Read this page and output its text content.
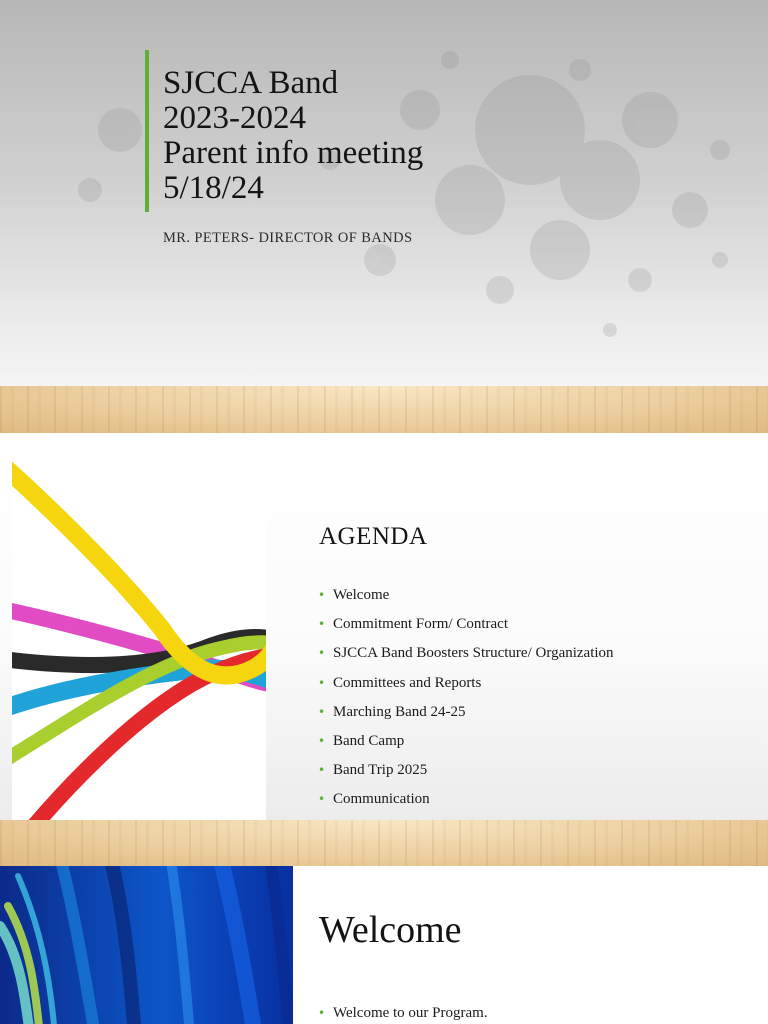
SJCCA Band
2023-2024
Parent info meeting
5/18/24
MR. PETERS- DIRECTOR OF BANDS
AGENDA
• Welcome
• Commitment Form/ Contract
• SJCCA Band Boosters Structure/ Organization
• Committees and Reports
• Marching Band 24-25
• Band Camp
• Band Trip 2025
• Communication
Welcome
• Welcome to our Program.
